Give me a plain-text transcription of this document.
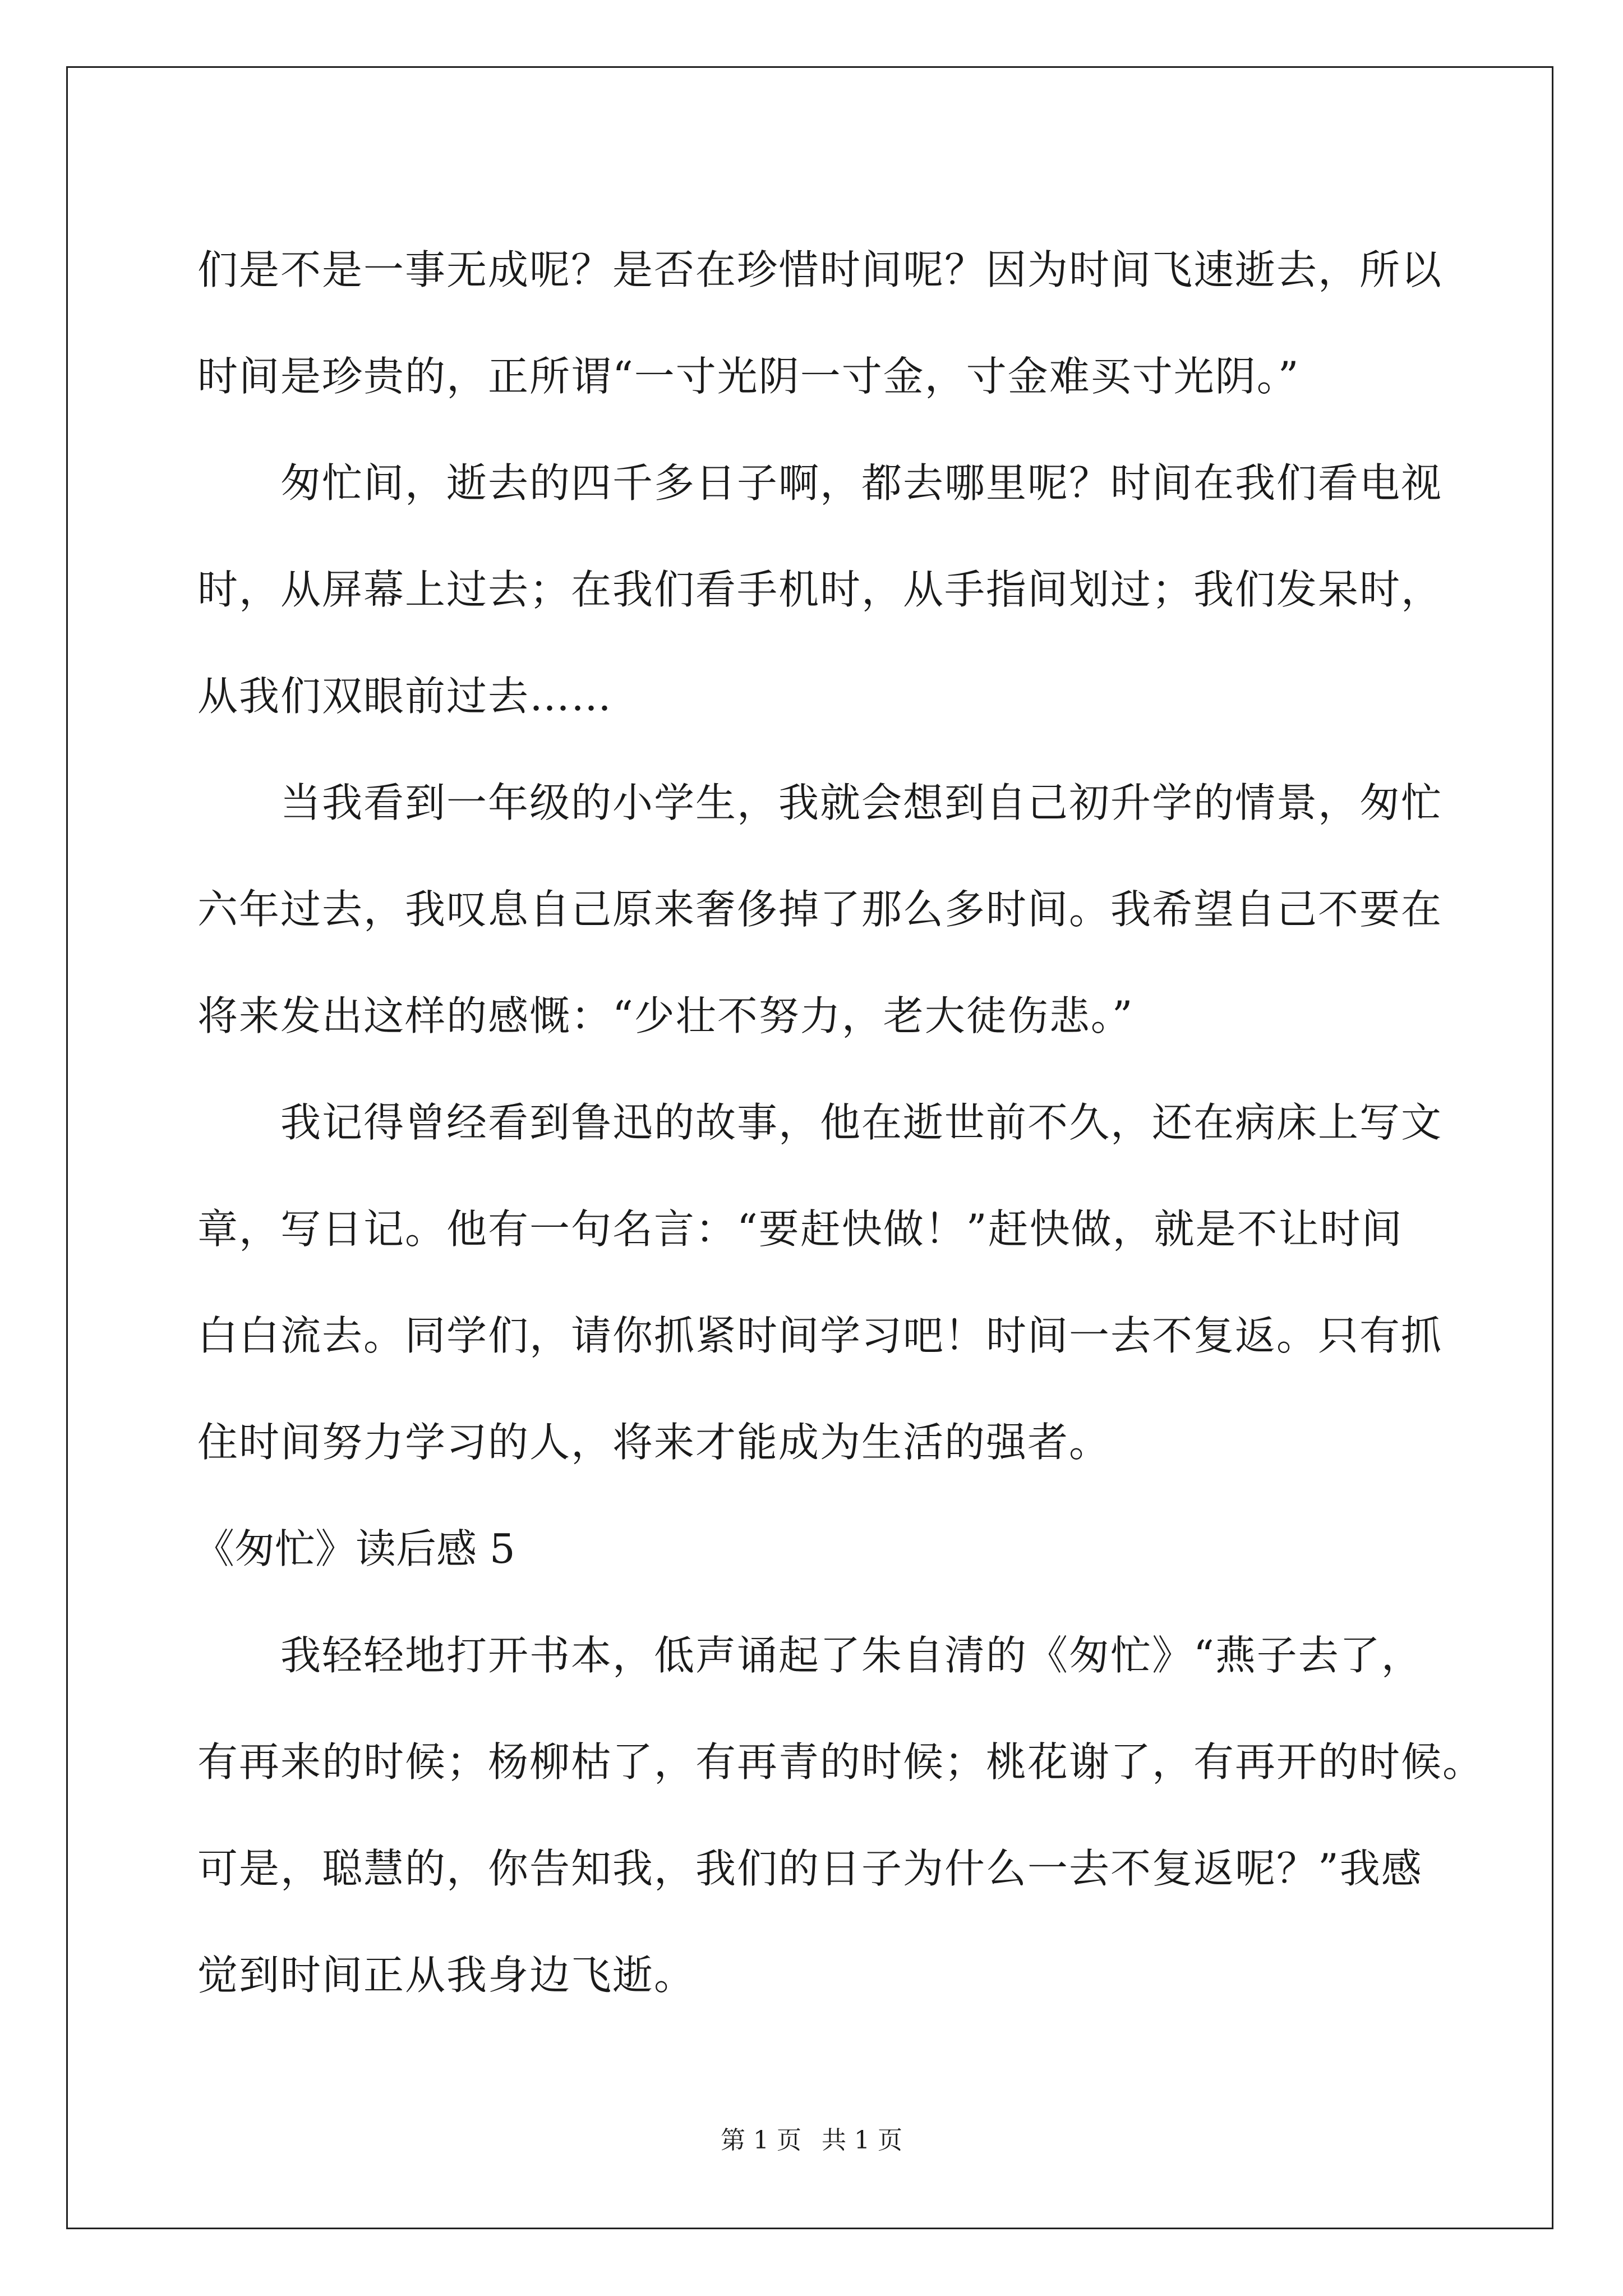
们是不是一事无成呢？是否在珍惜时间呢？因为时间飞速逝去，所以
时间是珍贵的，正所谓“一寸光阴一寸金，寸金难买寸光阴。”
匆忙间，逝去的四千多日子啊，都去哪里呢？时间在我们看电视
时，从屏幕上过去；在我们看手机时，从手指间划过；我们发呆时，
从我们双眼前过去……
当我看到一年级的小学生，我就会想到自己初升学的情景，匆忙
六年过去，我叹息自己原来奢侈掉了那么多时间。我希望自己不要在
将来发出这样的感慨：“少壮不努力，老大徒伤悲。”
我记得曾经看到鲁迅的故事，他在逝世前不久，还在病床上写文
章，写日记。他有一句名言：“要赶快做！”赶快做，就是不让时间
白白流去。同学们，请你抓紧时间学习吧！时间一去不复返。只有抓
住时间努力学习的人，将来才能成为生活的强者。
《匆忙》读后感 5
我轻轻地打开书本，低声诵起了朱自清的《匆忙》“燕子去了，
有再来的时候；杨柳枯了，有再青的时候；桃花谢了，有再开的时候。
可是，聪慧的，你告知我，我们的日子为什么一去不复返呢？”我感
觉到时间正从我身边飞逝。
第 1 页 共 1 页
